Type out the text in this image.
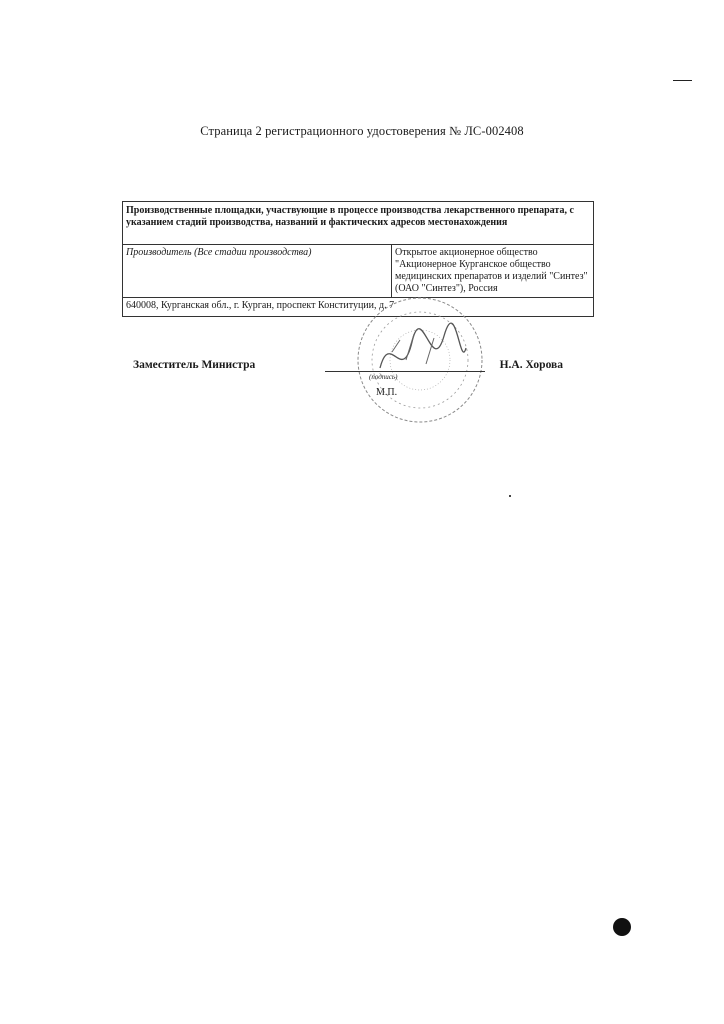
Страница 2 регистрационного удостоверения № ЛС-002408
Производственные площадки, участвующие в процессе производства лекарственного препарата, с указанием стадий производства, названий и фактических адресов местонахождения
Производитель (Все стадии производства)	Открытое акционерное общество "Акционерное Курганское общество медицинских препаратов и изделий "Синтез" (ОАО "Синтез"), Россия
640008, Курганская обл., г. Курган, проспект Конституции, д. 7
Заместитель Министра
(подпись)
М.П.
Н.А. Хорова
